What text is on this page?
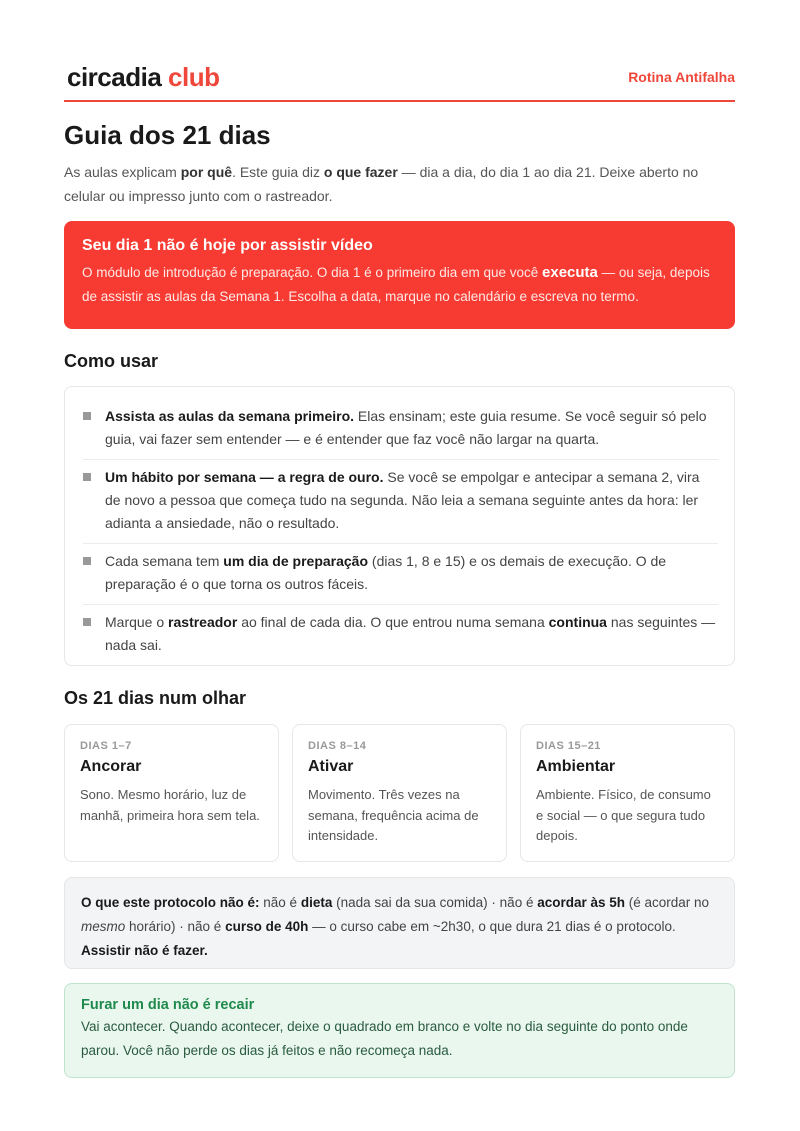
circadia club	Rotina Antifalha
Guia dos 21 dias

As aulas explicam por quê. Este guia diz o que fazer — dia a dia, do dia 1 ao dia 21. Deixe aberto no celular ou impresso junto com o rastreador.

Seu dia 1 não é hoje por assistir vídeo
O módulo de introdução é preparação. O dia 1 é o primeiro dia em que você executa — ou seja, depois de assistir as aulas da Semana 1. Escolha a data, marque no calendário e escreva no termo.
Como usar
Assista as aulas da semana primeiro. Elas ensinam; este guia resume. Se você seguir só pelo guia, vai fazer sem entender — e é entender que faz você não largar na quarta.
Um hábito por semana — a regra de ouro. Se você se empolgar e antecipar a semana 2, vira de novo a pessoa que começa tudo na segunda. Não leia a semana seguinte antes da hora: ler adianta a ansiedade, não o resultado.
Cada semana tem um dia de preparação (dias 1, 8 e 15) e os demais de execução. O de preparação é o que torna os outros fáceis.
Marque o rastreador ao final de cada dia. O que entrou numa semana continua nas seguintes — nada sai.
Os 21 dias num olhar
DIAS 1–7
Ancorar
Sono. Mesmo horário, luz de manhã, primeira hora sem tela.
DIAS 8–14
Ativar
Movimento. Três vezes na semana, frequência acima de intensidade.
DIAS 15–21
Ambientar
Ambiente. Físico, de consumo e social — o que segura tudo depois.
O que este protocolo não é: não é dieta (nada sai da sua comida) · não é acordar às 5h (é acordar no mesmo horário) · não é curso de 40h — o curso cabe em ~2h30, o que dura 21 dias é o protocolo. Assistir não é fazer.
Furar um dia não é recair
Vai acontecer. Quando acontecer, deixe o quadrado em branco e volte no dia seguinte do ponto onde parou. Você não perde os dias já feitos e não recomeça nada.
